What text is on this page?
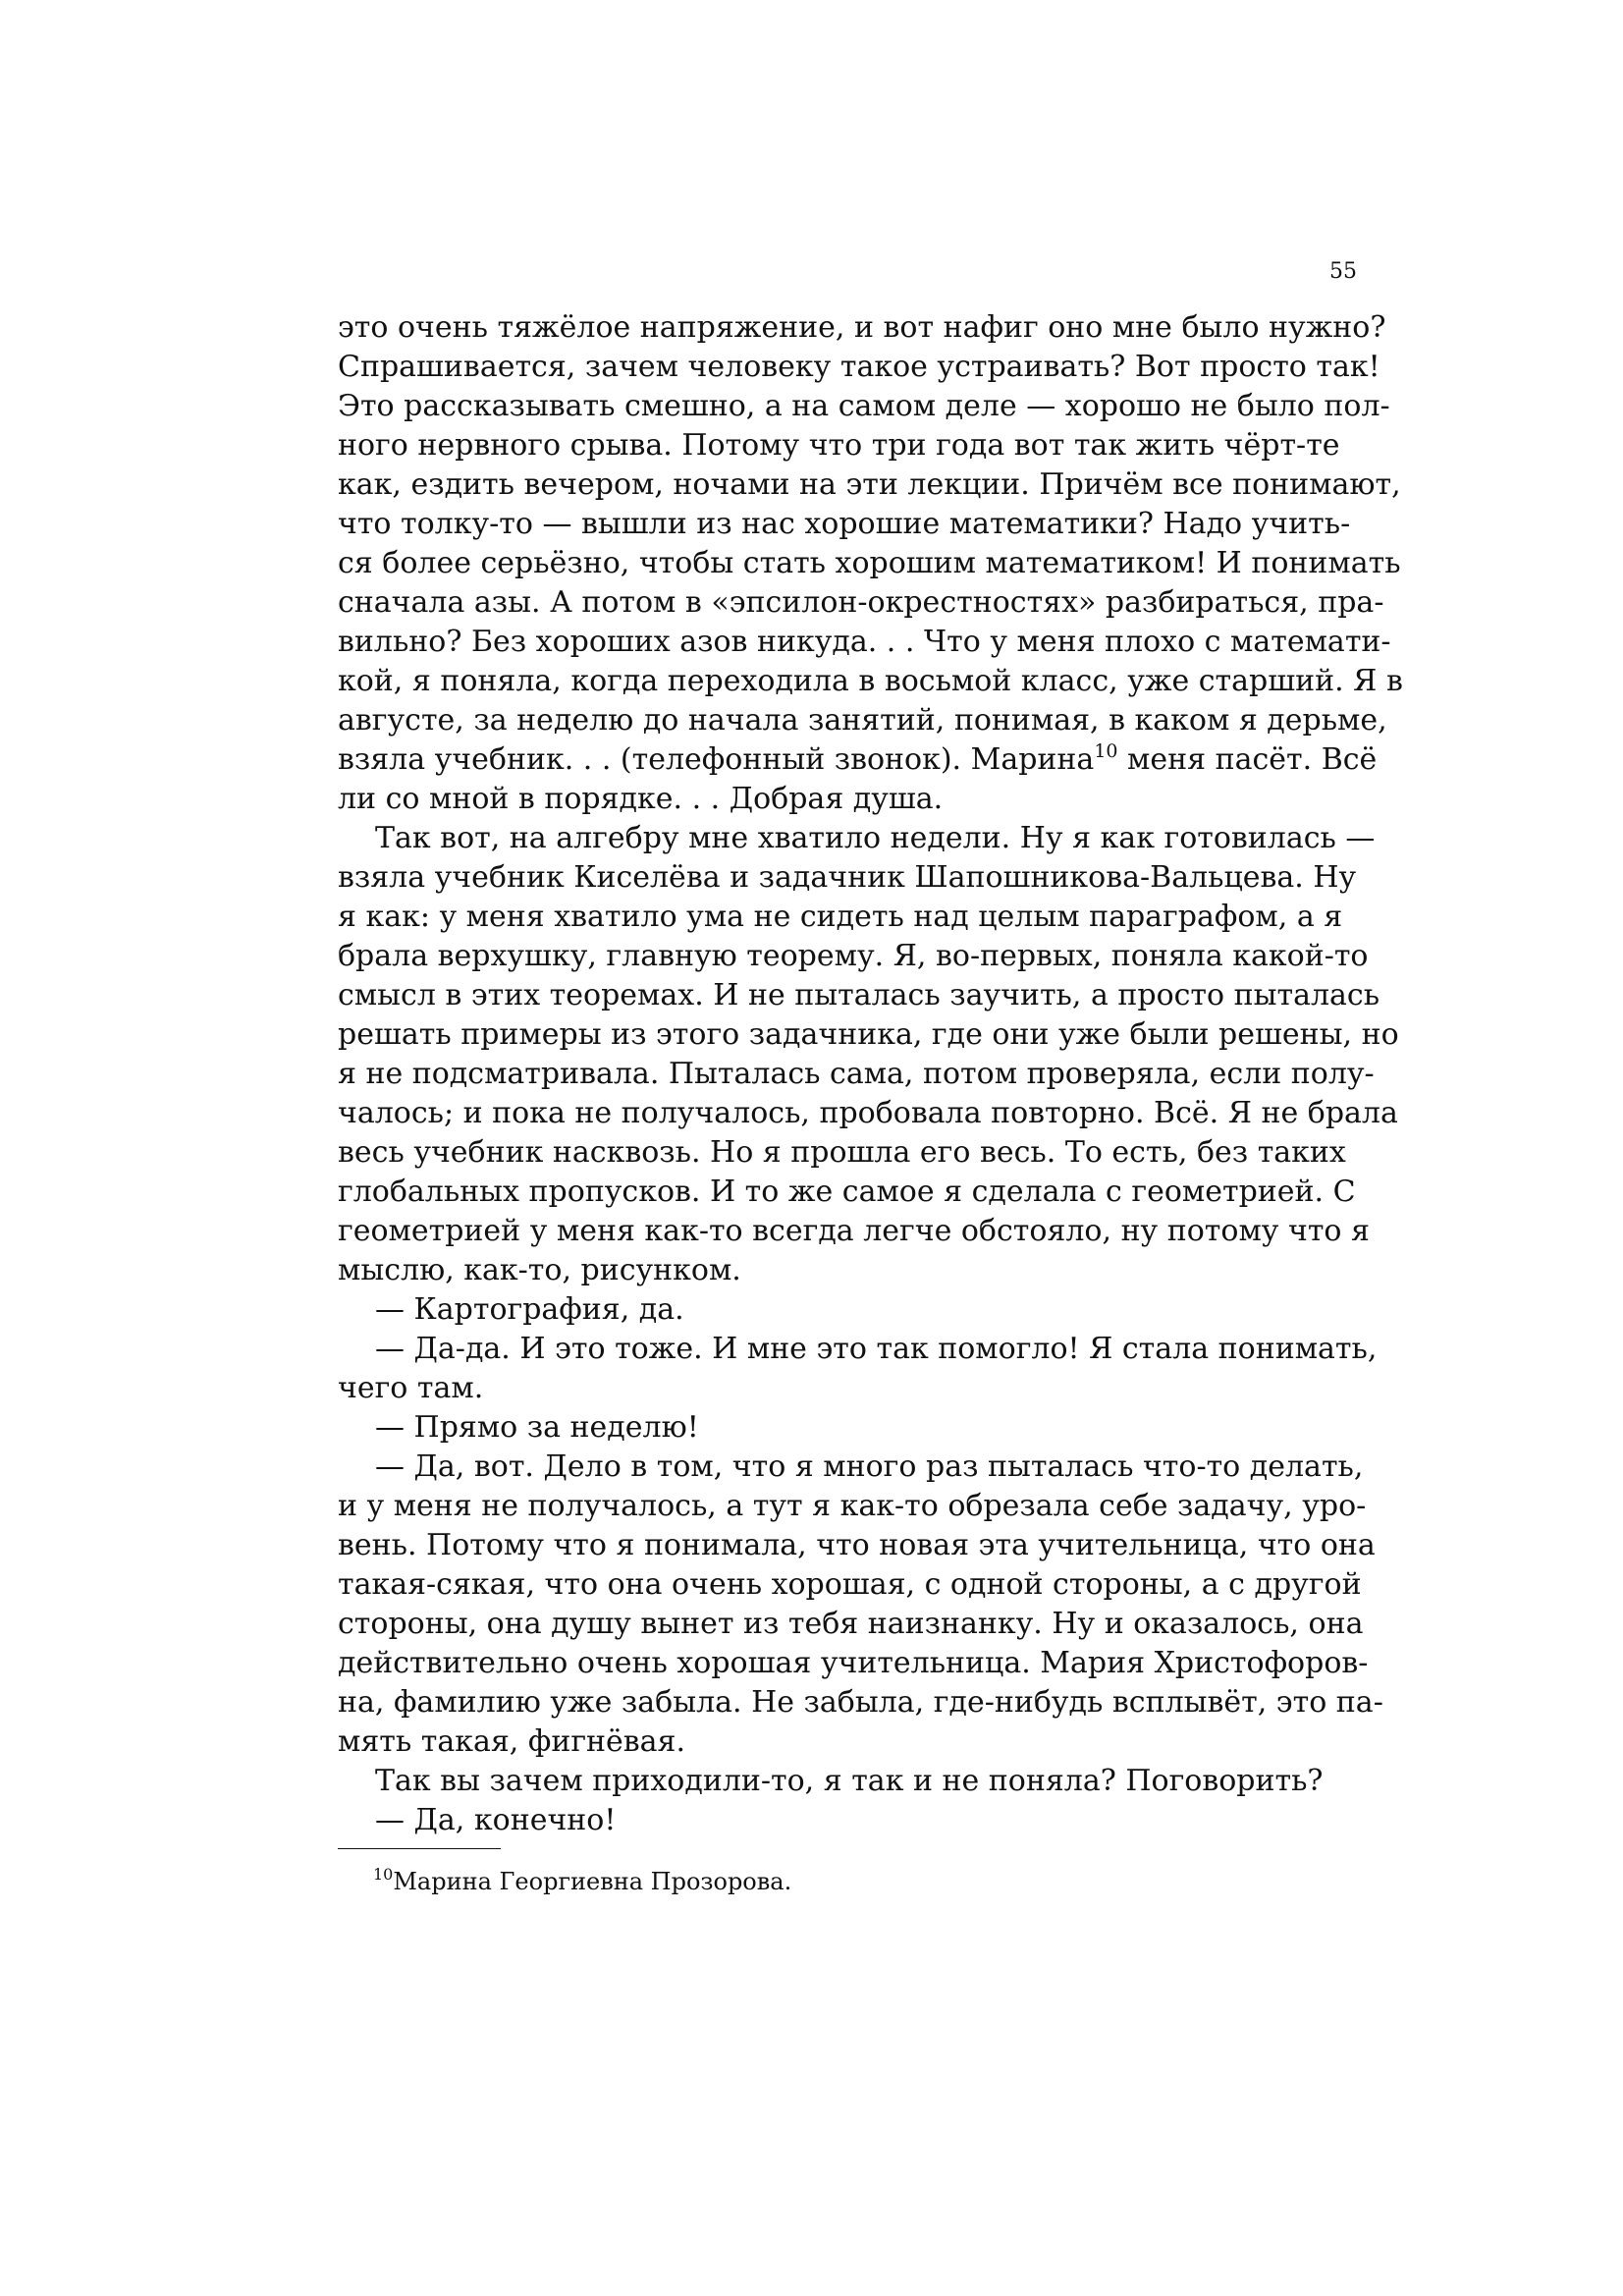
55
это очень тяжёлое напряжение, и вот нафиг оно мне было нужно?
Спрашивается, зачем человеку такое устраивать? Вот просто так!
Это рассказывать смешно, а на самом деле — хорошо не было пол-
ного нервного срыва. Потому что три года вот так жить чёрт-те
как, ездить вечером, ночами на эти лекции. Причём все понимают,
что толку-то — вышли из нас хорошие математики? Надо учить-
ся более серьёзно, чтобы стать хорошим математиком! И понимать
сначала азы. А потом в «эпсилон-окрестностях» разбираться, пра-
вильно? Без хороших азов никуда. . . Что у меня плохо с математи-
кой, я поняла, когда переходила в восьмой класс, уже старший. Я в
августе, за неделю до начала занятий, понимая, в каком я дерьме,
взяла учебник. . . (телефонный звонок). Марина$^{10}$ меня пасёт. Всё
ли со мной в порядке. . . Добрая душа.
Так вот, на алгебру мне хватило недели. Ну я как готовилась —
взяла учебник Киселёва и задачник Шапошникова-Вальцева. Ну
я как: у меня хватило ума не сидеть над целым параграфом, а я
брала верхушку, главную теорему. Я, во-первых, поняла какой-то
смысл в этих теоремах. И не пыталась заучить, а просто пыталась
решать примеры из этого задачника, где они уже были решены, но
я не подсматривала. Пыталась сама, потом проверяла, если полу-
чалось; и пока не получалось, пробовала повторно. Всё. Я не брала
весь учебник насквозь. Но я прошла его весь. То есть, без таких
глобальных пропусков. И то же самое я сделала с геометрией. С
геометрией у меня как-то всегда легче обстояло, ну потому что я
мыслю, как-то, рисунком.
— Картография, да.
— Да-да. И это тоже. И мне это так помогло! Я стала понимать,
чего там.
— Прямо за неделю!
— Да, вот. Дело в том, что я много раз пыталась что-то делать,
и у меня не получалось, а тут я как-то обрезала себе задачу, уро-
вень. Потому что я понимала, что новая эта учительница, что она
такая-сякая, что она очень хорошая, с одной стороны, а с другой
стороны, она душу вынет из тебя наизнанку. Ну и оказалось, она
действительно очень хорошая учительница. Мария Христофоров-
на, фамилию уже забыла. Не забыла, где-нибудь всплывёт, это па-
мять такая, фигнёвая.
Так вы зачем приходили-то, я так и не поняла? Поговорить?
— Да, конечно!
$^{10}$Марина Георгиевна Прозорова.
